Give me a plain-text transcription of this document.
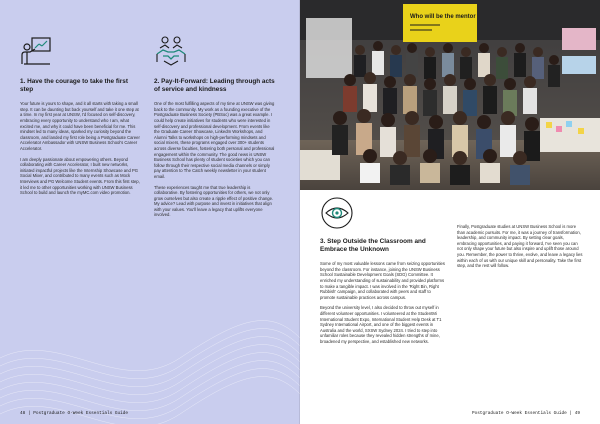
1. Have the courage to take the first step

Your future is yours to shape, and it all starts with taking a small step. It can be daunting but back yourself and take it one step at a time. In my first year at UNSW, I'd focused on self-discovery, embracing every opportunity to understand who I am, what excited me, and why it could have been beneficial for me. This mindset led to many ideas, sparked my curiosity beyond the classroom, and landed my first role being a Postgraduate Career Accelerator Ambassador with UNSW Business School's Career Accelerator.

I am deeply passionate about empowering others. Beyond collaborating with Career Accelerator, I built new networks, initiated impactful projects like the Internship Showcase and PG Social Mixer, and contributed to many events such as Mock Interviews and PG Welcome Student events. From this first step, it led me to other opportunities working with UNSW Business School to build and launch the myMC.com video promotion.

2. Pay-It-Forward: Leading through acts of service and kindness

One of the most fulfilling aspects of my time at UNSW was giving back to the community. My work as a founding executive of the Postgraduate Business Society (PBSoc) was a great example. I could help create initiatives for students who were interested in self-discovery and professional development. From events like the Graduate Career Showcase, LinkedIn Workshops, and Alumni Talks to workshops on high-performing mindsets and social mixers, these programs engaged over 300+ students across diverse faculties, fostering both personal and professional engagement within the community. The good news is UNSW Business School has plenty of student societies which you can follow through their respective social media channels or simply pay attention to The Catch weekly newsletter in your student email.

These experiences taught me that true leadership is collaborative. By fostering opportunities for others, we not only grow ourselves but also create a ripple effect of positive change. My advice? Lead with purpose and invest in initiatives that align with your values. You'll leave a legacy that uplifts everyone involved.

48 | Postgraduate O-Week Essentials Guide
Who will be the mentor
3. Step Outside the Classroom and Embrace the Unknown

Some of my most valuable lessons came from seizing opportunities beyond the classroom. For instance, joining the UNSW Business School Sustainable Development Goals (SDG) Committee. It enriched my understanding of sustainability and provided platforms to make a tangible impact. I was involved in the 'Right Bin, Right Rubbish' campaign, and collaborated with peers and staff to promote sustainable practices across campus.

Beyond the university level, I also decided to throw out myself in different volunteer opportunities. I volunteered at the StudentMi International Student Expo, International Student Help Desk at T1 Sydney International Airport, and one of the biggest events in Australia and the world, SXSW Sydney 2024. I tried to step into unfamiliar roles because they revealed hidden strengths of mine, broadened my perspective, and established new networks.

Finally, Postgraduate studies at UNSW Business School is more than academic pursuits. For me, it was a journey of transformation, leadership, and community impact. By setting clear goals, embracing opportunities, and paying it forward, I've seen you can not only shape your future but also inspire and uplift those around you. Remember, the power to thrive, evolve, and leave a legacy lies within each of us with our unique skill and personality. Take the first step, and the rest will follow.

Postgraduate O-Week Essentials Guide | 49
